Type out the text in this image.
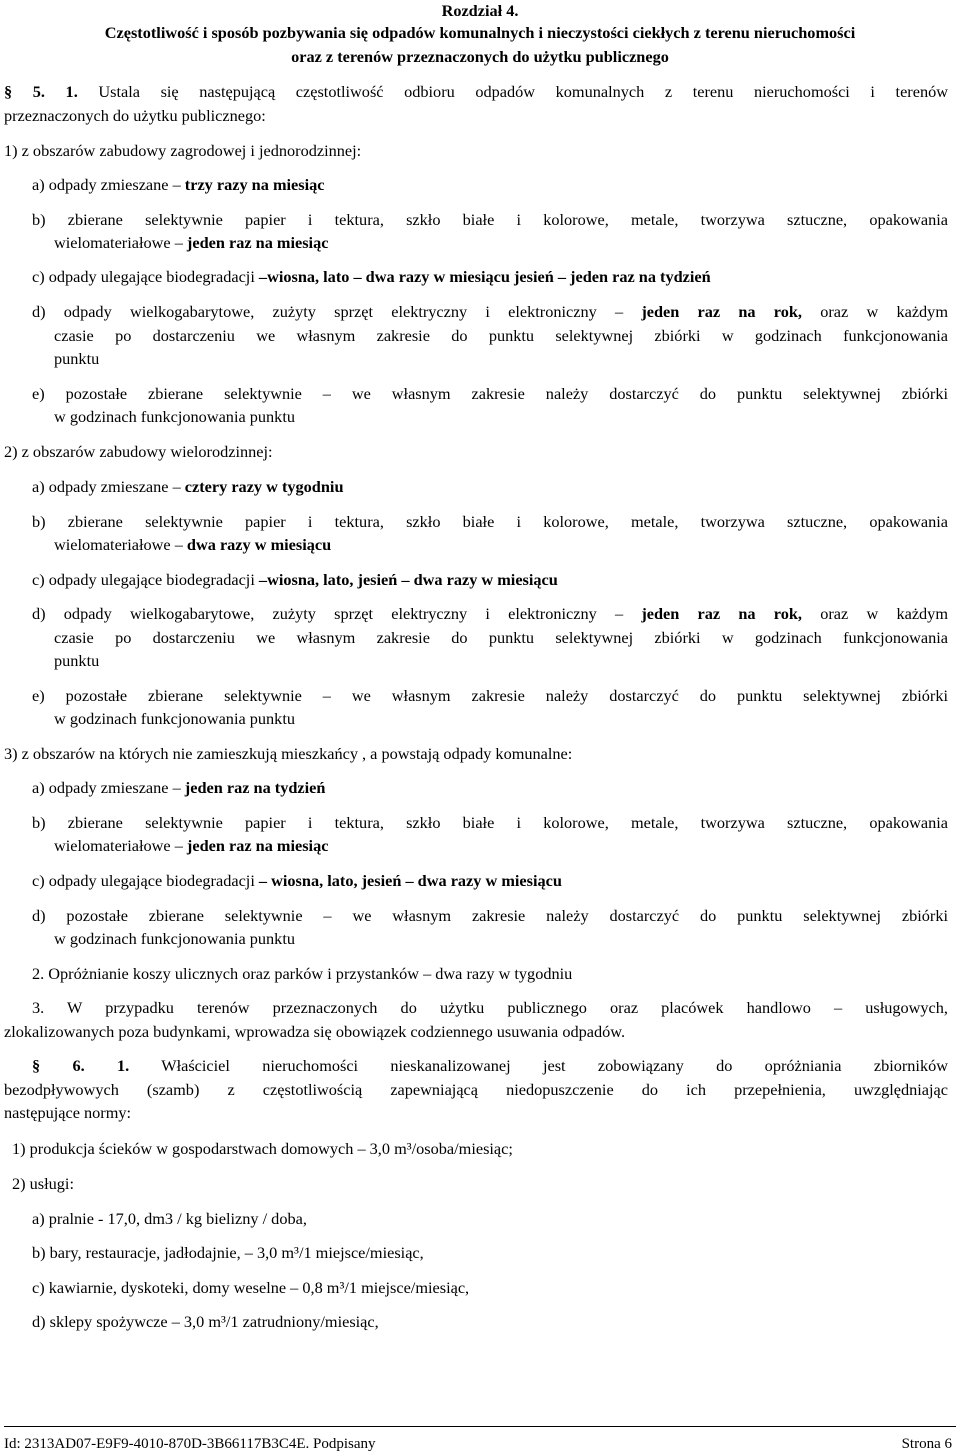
Rozdział 4.
Częstotliwość i sposób pozbywania się odpadów komunalnych i nieczystości ciekłych z terenu nieruchomości
oraz z terenów przeznaczonych do użytku publicznego
§ 5. 1. Ustala się następującą częstotliwość odbioru odpadów komunalnych z terenu nieruchomości i terenów
przeznaczonych do użytku publicznego:
1) z obszarów zabudowy zagrodowej i jednorodzinnej:
a) odpady zmieszane – trzy razy na miesiąc
b) zbierane selektywnie papier i tektura, szkło białe i kolorowe, metale, tworzywa sztuczne, opakowania
wielomateriałowe – jeden raz na miesiąc
c) odpady ulegające biodegradacji –wiosna, lato – dwa razy w miesiącu jesień – jeden raz na tydzień
d) odpady wielkogabarytowe, zużyty sprzęt elektryczny i elektroniczny – jeden raz na rok, oraz w każdym
czasie po dostarczeniu we własnym zakresie do punktu selektywnej zbiórki w godzinach funkcjonowania
punktu
e) pozostałe zbierane selektywnie – we własnym zakresie należy dostarczyć do punktu selektywnej zbiórki
w godzinach funkcjonowania punktu
2) z obszarów zabudowy wielorodzinnej:
a) odpady zmieszane – cztery razy w tygodniu
b) zbierane selektywnie papier i tektura, szkło białe i kolorowe, metale, tworzywa sztuczne, opakowania
wielomateriałowe – dwa razy w miesiącu
c) odpady ulegające biodegradacji –wiosna, lato, jesień – dwa razy w miesiącu
d) odpady wielkogabarytowe, zużyty sprzęt elektryczny i elektroniczny – jeden raz na rok, oraz w każdym
czasie po dostarczeniu we własnym zakresie do punktu selektywnej zbiórki w godzinach funkcjonowania
punktu
e) pozostałe zbierane selektywnie – we własnym zakresie należy dostarczyć do punktu selektywnej zbiórki
w godzinach funkcjonowania punktu
3) z obszarów na których nie zamieszkują mieszkańcy , a powstają odpady komunalne:
a) odpady zmieszane – jeden raz na tydzień
b) zbierane selektywnie papier i tektura, szkło białe i kolorowe, metale, tworzywa sztuczne, opakowania
wielomateriałowe – jeden raz na miesiąc
c) odpady ulegające biodegradacji – wiosna, lato, jesień – dwa razy w miesiącu
d) pozostałe zbierane selektywnie – we własnym zakresie należy dostarczyć do punktu selektywnej zbiórki
w godzinach funkcjonowania punktu
2. Opróżnianie koszy ulicznych oraz parków i przystanków – dwa razy w tygodniu
3. W przypadku terenów przeznaczonych do użytku publicznego oraz placówek handlowo – usługowych,
zlokalizowanych poza budynkami, wprowadza się obowiązek codziennego usuwania odpadów.
§ 6. 1. Właściciel nieruchomości nieskanalizowanej jest zobowiązany do opróżniania zbiorników
bezodpływowych (szamb) z częstotliwością zapewniającą niedopuszczenie do ich przepełnienia, uwzględniając
następujące normy:
1) produkcja ścieków w gospodarstwach domowych – 3,0 m³/osoba/miesiąc;
2) usługi:
a) pralnie - 17,0, dm3 / kg bielizny / doba,
b) bary, restauracje, jadłodajnie, – 3,0 m³/1 miejsce/miesiąc,
c) kawiarnie, dyskoteki, domy weselne – 0,8 m³/1 miejsce/miesiąc,
d) sklepy spożywcze – 3,0 m³/1 zatrudniony/miesiąc,
Id: 2313AD07-E9F9-4010-870D-3B66117B3C4E. Podpisany	Strona 6
